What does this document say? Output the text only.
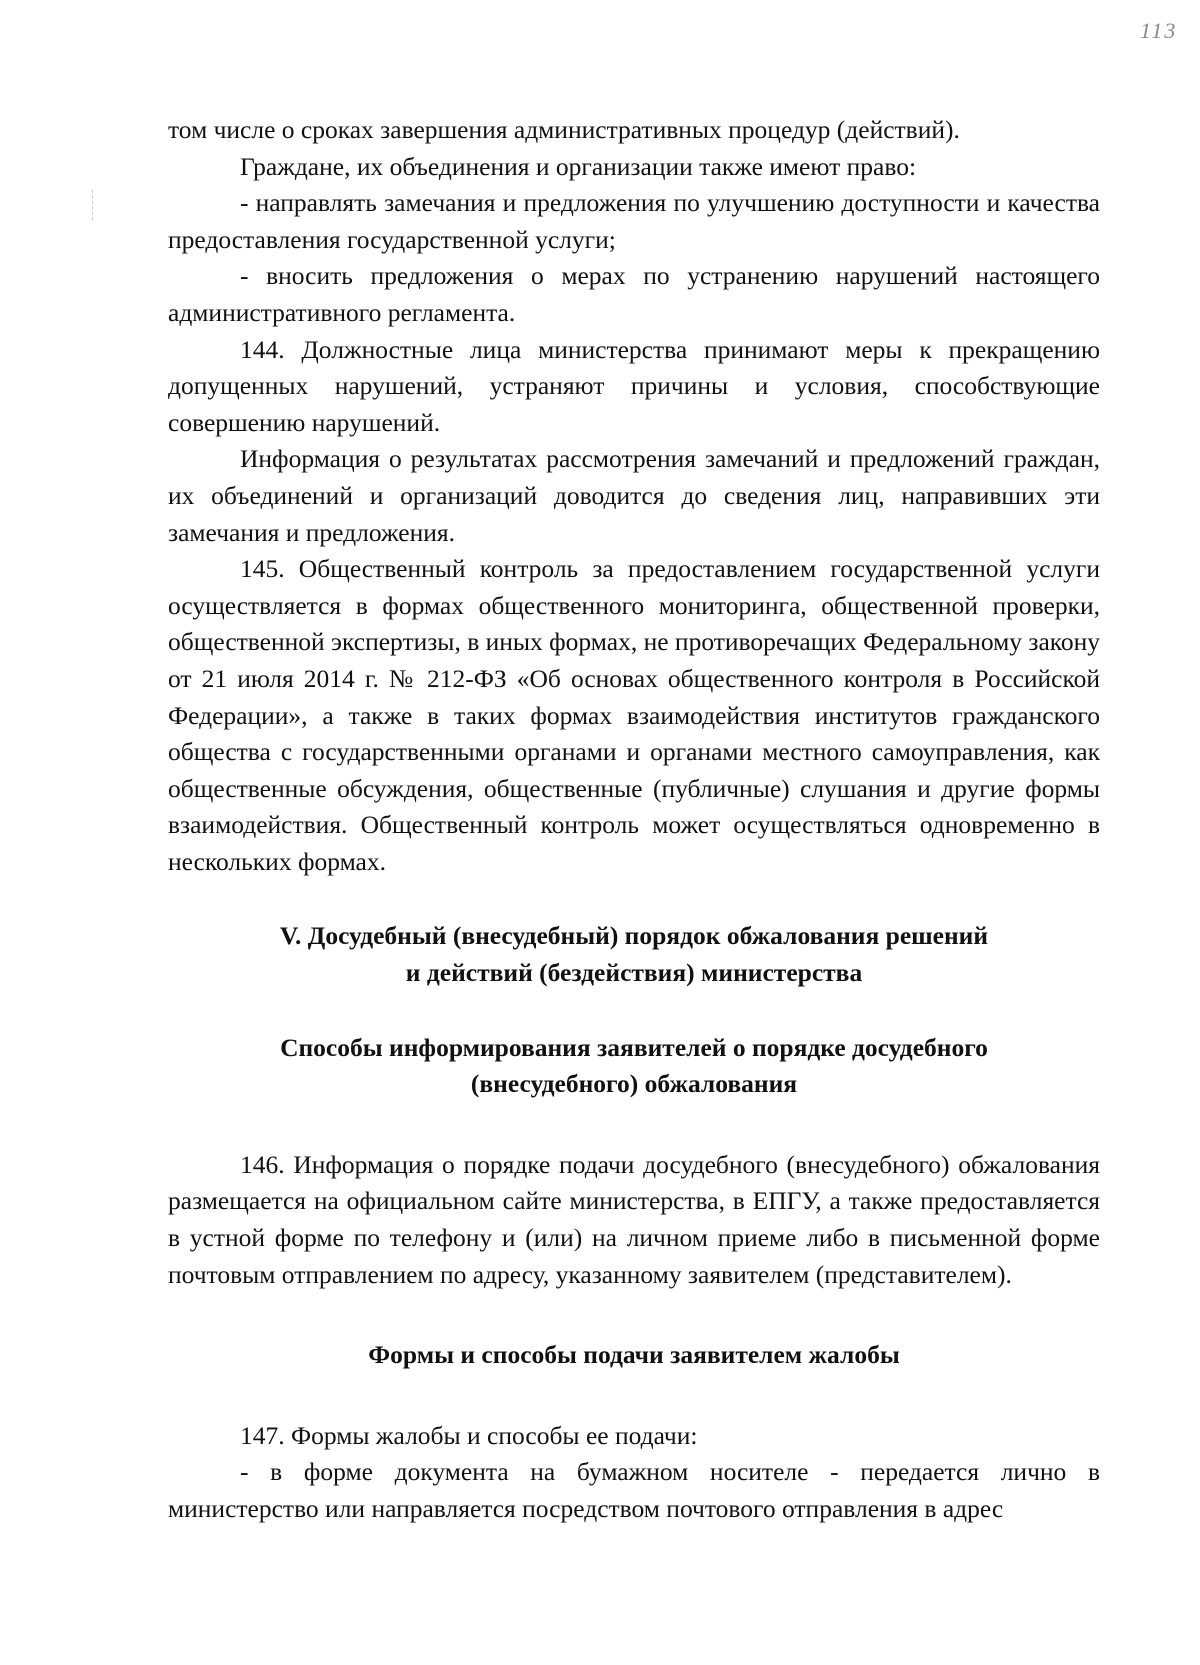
113

том числе о сроках завершения административных процедур (действий).

Граждане, их объединения и организации также имеют право:

- направлять замечания и предложения по улучшению доступности и качества предоставления государственной услуги;

- вносить предложения о мерах по устранению нарушений настоящего административного регламента.

144. Должностные лица министерства принимают меры к прекращению допущенных нарушений, устраняют причины и условия, способствующие совершению нарушений.

Информация о результатах рассмотрения замечаний и предложений граждан, их объединений и организаций доводится до сведения лиц, направивших эти замечания и предложения.

145. Общественный контроль за предоставлением государственной услуги осуществляется в формах общественного мониторинга, общественной проверки, общественной экспертизы, в иных формах, не противоречащих Федеральному закону от 21 июля 2014 г. № 212-ФЗ «Об основах общественного контроля в Российской Федерации», а также в таких формах взаимодействия институтов гражданского общества с государственными органами и органами местного самоуправления, как общественные обсуждения, общественные (публичные) слушания и другие формы взаимодействия. Общественный контроль может осуществляться одновременно в нескольких формах.

V. Досудебный (внесудебный) порядок обжалования решений
и действий (бездействия) министерства
Способы информирования заявителей о порядке досудебного
(внесудебного) обжалования

146. Информация о порядке подачи досудебного (внесудебного) обжалования размещается на официальном сайте министерства, в ЕПГУ, а также предоставляется в устной форме по телефону и (или) на личном приеме либо в письменной форме почтовым отправлением по адресу, указанному заявителем (представителем).

Формы и способы подачи заявителем жалобы

147. Формы жалобы и способы ее подачи:

- в форме документа на бумажном носителе - передается лично в министерство или направляется посредством почтового отправления в адрес
